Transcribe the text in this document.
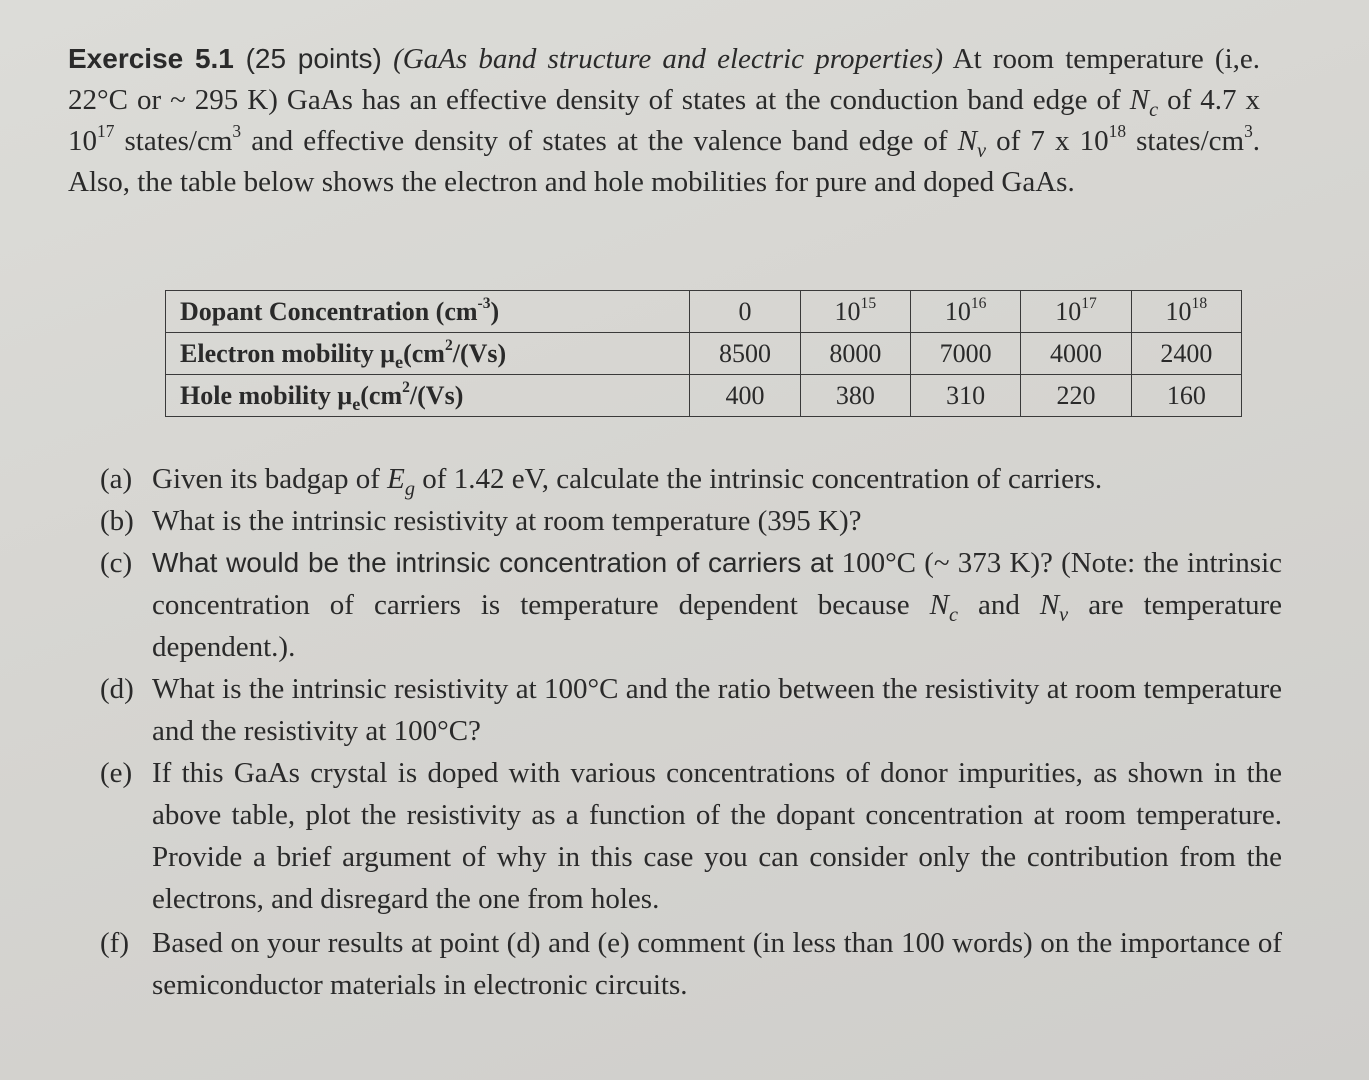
Exercise 5.1 (25 points) (GaAs band structure and electric properties) At room temperature (i,e. 22°C or ~ 295 K) GaAs has an effective density of states at the conduction band edge of $N_c$ of 4.7 x $10^{17}$ states/$cm^3$ and effective density of states at the valence band edge of $N_v$ of 7 x $10^{18}$ states/$cm^3$. Also, the table below shows the electron and hole mobilities for pure and doped GaAs.

Dopant Concentration $(cm^{-3})$	0	$10^{15}$	$10^{16}$	$10^{17}$	$10^{18}$
Electron mobility $\mu_e(cm^2/(Vs)$	8500	8000	7000	4000	2400
Hole mobility $\mu_e(cm^2/(Vs)$	400	380	310	220	160
(a) Given its badgap of $E_g$ of 1.42 eV, calculate the intrinsic concentration of carriers.
(b) What is the intrinsic resistivity at room temperature (395 K)?
(c) What would be the intrinsic concentration of carriers at 100°C (~ 373 K)? (Note: the intrinsic concentration of carriers is temperature dependent because $N_c$ and $N_v$ are temperature dependent.).
(d) What is the intrinsic resistivity at 100°C and the ratio between the resistivity at room temperature and the resistivity at 100°C?
(e) If this GaAs crystal is doped with various concentrations of donor impurities, as shown in the above table, plot the resistivity as a function of the dopant concentration at room temperature. Provide a brief argument of why in this case you can consider only the contribution from the electrons, and disregard the one from holes.
(f) Based on your results at point (d) and (e) comment (in less than 100 words) on the importance of semiconductor materials in electronic circuits.
